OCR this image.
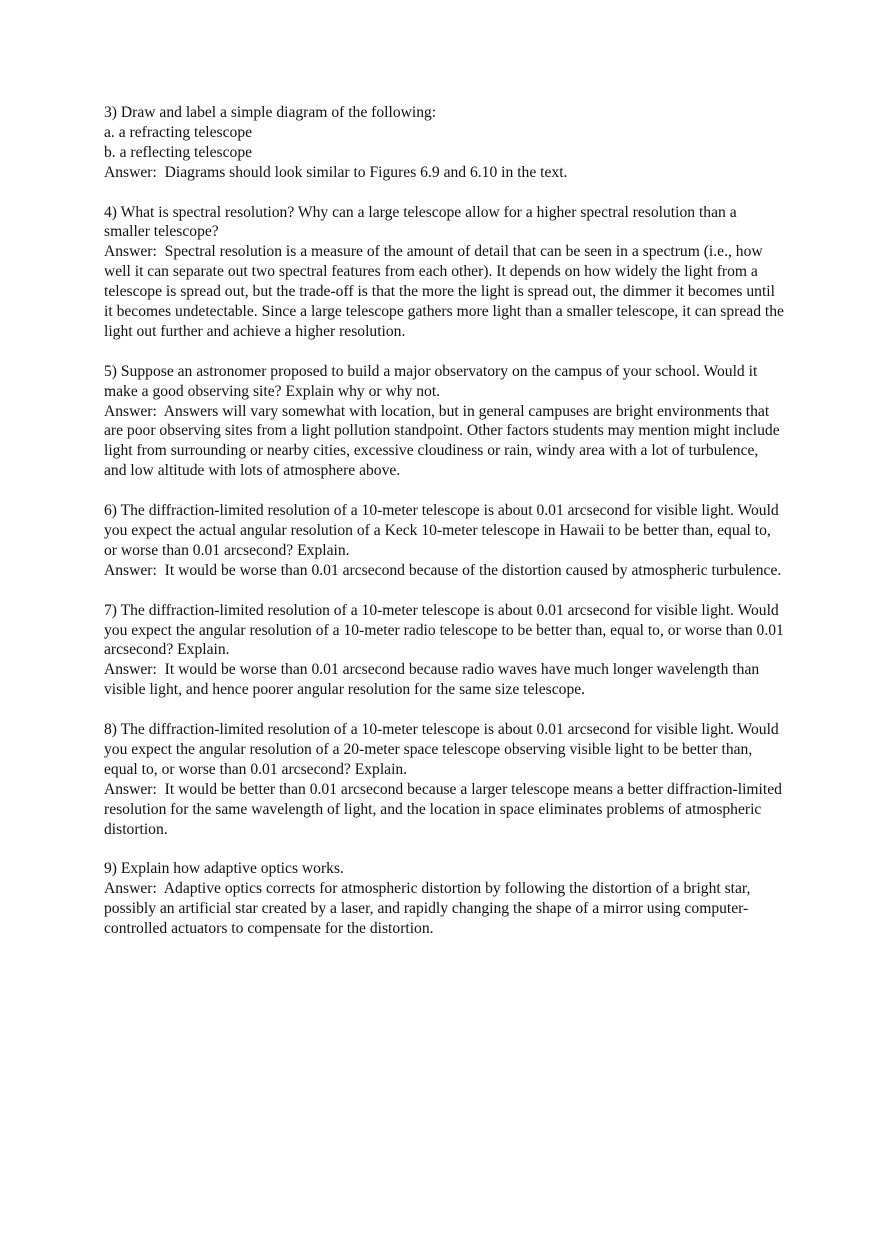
3) Draw and label a simple diagram of the following:
a. a refracting telescope
b. a reflecting telescope
Answer:  Diagrams should look similar to Figures 6.9 and 6.10 in the text.
4) What is spectral resolution? Why can a large telescope allow for a higher spectral resolution than a smaller telescope?
Answer:  Spectral resolution is a measure of the amount of detail that can be seen in a spectrum (i.e., how well it can separate out two spectral features from each other). It depends on how widely the light from a telescope is spread out, but the trade-off is that the more the light is spread out, the dimmer it becomes until it becomes undetectable. Since a large telescope gathers more light than a smaller telescope, it can spread the light out further and achieve a higher resolution.
5) Suppose an astronomer proposed to build a major observatory on the campus of your school. Would it make a good observing site? Explain why or why not.
Answer:  Answers will vary somewhat with location, but in general campuses are bright environments that are poor observing sites from a light pollution standpoint. Other factors students may mention might include light from surrounding or nearby cities, excessive cloudiness or rain, windy area with a lot of turbulence, and low altitude with lots of atmosphere above.
6) The diffraction-limited resolution of a 10-meter telescope is about 0.01 arcsecond for visible light. Would you expect the actual angular resolution of a Keck 10-meter telescope in Hawaii to be better than, equal to, or worse than 0.01 arcsecond? Explain.
Answer:  It would be worse than 0.01 arcsecond because of the distortion caused by atmospheric turbulence.
7) The diffraction-limited resolution of a 10-meter telescope is about 0.01 arcsecond for visible light. Would you expect the angular resolution of a 10-meter radio telescope to be better than, equal to, or worse than 0.01 arcsecond? Explain.
Answer:  It would be worse than 0.01 arcsecond because radio waves have much longer wavelength than visible light, and hence poorer angular resolution for the same size telescope.
8) The diffraction-limited resolution of a 10-meter telescope is about 0.01 arcsecond for visible light. Would you expect the angular resolution of a 20-meter space telescope observing visible light to be better than, equal to, or worse than 0.01 arcsecond? Explain.
Answer:  It would be better than 0.01 arcsecond because a larger telescope means a better diffraction-limited resolution for the same wavelength of light, and the location in space eliminates problems of atmospheric distortion.
9) Explain how adaptive optics works.
Answer:  Adaptive optics corrects for atmospheric distortion by following the distortion of a bright star, possibly an artificial star created by a laser, and rapidly changing the shape of a mirror using computer-controlled actuators to compensate for the distortion.
